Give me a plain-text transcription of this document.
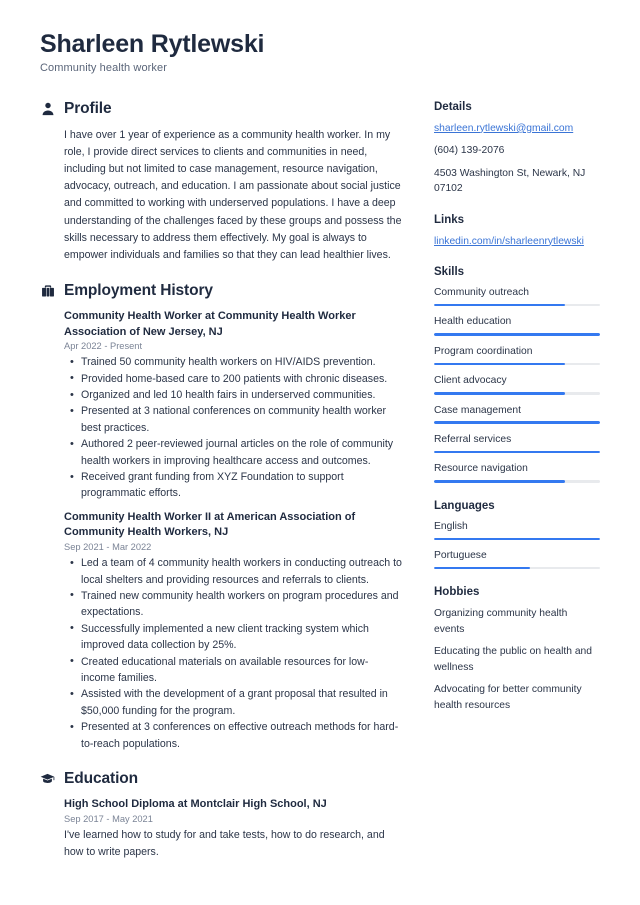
Sharleen Rytlewski

Community health worker

Profile

I have over 1 year of experience as a community health worker. In my role, I provide direct services to clients and communities in need, including but not limited to case management, resource navigation, advocacy, outreach, and education. I am passionate about social justice and committed to working with underserved populations. I have a deep understanding of the challenges faced by these groups and possess the skills necessary to address them effectively. My goal is always to empower individuals and families so that they can lead healthier lives.

Employment History

Community Health Worker at Community Health Worker Association of New Jersey, NJ

Apr 2022 - Present

• Trained 50 community health workers on HIV/AIDS prevention.
• Provided home-based care to 200 patients with chronic diseases.
• Organized and led 10 health fairs in underserved communities.
• Presented at 3 national conferences on community health worker best practices.
• Authored 2 peer-reviewed journal articles on the role of community health workers in improving healthcare access and outcomes.
• Received grant funding from XYZ Foundation to support programmatic efforts.

Community Health Worker II at American Association of Community Health Workers, NJ

Sep 2021 - Mar 2022

• Led a team of 4 community health workers in conducting outreach to local shelters and providing resources and referrals to clients.
• Trained new community health workers on program procedures and expectations.
• Successfully implemented a new client tracking system which improved data collection by 25%.
• Created educational materials on available resources for low-income families.
• Assisted with the development of a grant proposal that resulted in $50,000 funding for the program.
• Presented at 3 conferences on effective outreach methods for hard-to-reach populations.
Education

High School Diploma at Montclair High School, NJ

Sep 2017 - May 2021

I've learned how to study for and take tests, how to do research, and how to write papers.

Details

sharleen.rytlewski@gmail.com

(604) 139-2076

4503 Washington St, Newark, NJ 07102

Links

linkedin.com/in/sharleenrytlewski

Skills

Community outreach

Health education

Program coordination

Client advocacy

Case management

Referral services

Resource navigation

Languages

English

Portuguese

Hobbies

Organizing community health events

Educating the public on health and wellness

Advocating for better community health resources
